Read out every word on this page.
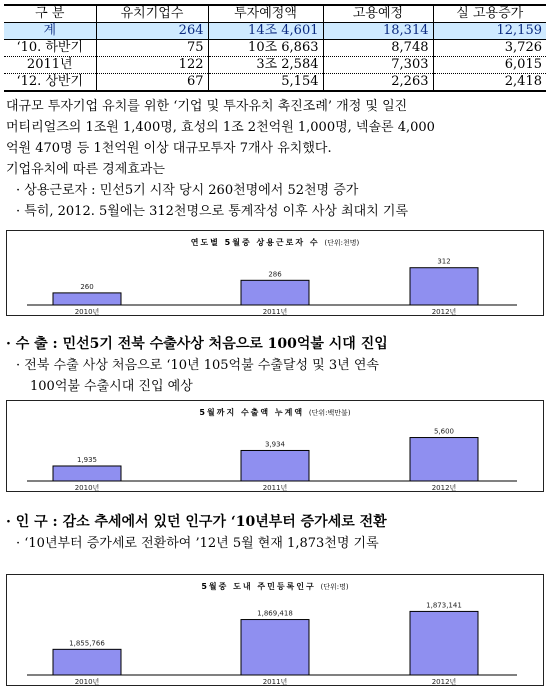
구 분	유치기업수	투자예정액	고용예정	실 고용증가
계	264	14조 4,601	18,314	12,159
‘10. 하반기	75	10조 6,863	8,748	3,726
2011년	122	3조 2,584	7,303	6,015
‘12. 상반기	67	5,154	2,263	2,418
대규모 투자기업 유치를 위한 ‘기업 및 투자유치 촉진조례’ 개정 및 일진
머티리얼즈의 1조원 1,400명, 효성의 1조 2천억원 1,000명, 넥솔론 4,000
억원 470명 등 1천억원 이상 대규모투자 7개사 유치했다.
기업유치에 따른 경제효과는
· 상용근로자 : 민선5기 시작 당시 260천명에서 52천명 증가
· 특히, 2012. 5월에는 312천명으로 통계작성 이후 사상 최대치 기록
연도별 5월중 상용근로자 수 (단위:천명)
260
2010년
286
2011년
312
2012년
· 수 출 : 민선5기 전북 수출사상 처음으로 100억불 시대 진입
· 전북 수출 사상 처음으로 ‘10년 105억불 수출달성 및 3년 연속
100억불 수출시대 진입 예상
5월까지 수출액 누계액 (단위:백만불)
1,935
2010년
3,934
2011년
5,600
2012년
· 인 구 : 감소 추세에서 있던 인구가 ‘10년부터 증가세로 전환
· ‘10년부터 증가세로 전환하여 ’12년 5월 현재 1,873천명 기록
5월중 도내 주민등록인구 (단위:명)
1,855,766
2010년
1,869,418
2011년
1,873,141
2012년
